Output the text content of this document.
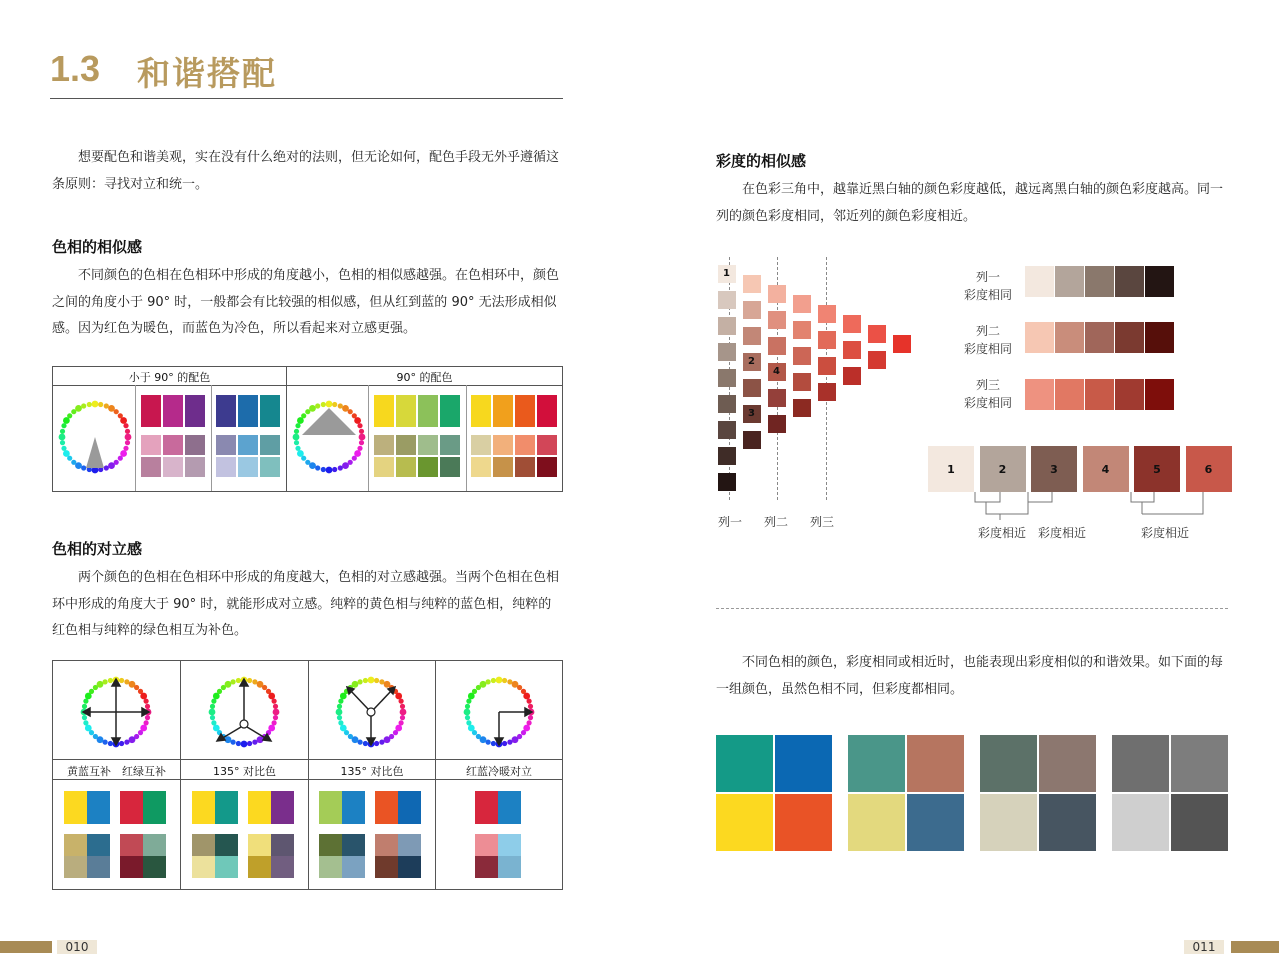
1.3 和谐搭配
想要配色和谐美观，实在没有什么绝对的法则，但无论如何，配色手段无外乎遵循这条原则：寻找对立和统一。
色相的相似感
不同颜色的色相在色相环中形成的角度越小，色相的相似感越强。在色相环中，颜色之间的角度小于 90° 时，一般都会有比较强的相似感，但从红到蓝的 90° 无法形成相似感。因为红色为暖色，而蓝色为冷色，所以看起来对立感更强。
小于 90° 的配色	90° 的配色
色相的对立感
两个颜色的色相在色相环中形成的角度越大，色相的对立感越强。当两个色相在色相环中形成的角度大于 90° 时，就能形成对立感。纯粹的黄色相与纯粹的蓝色相，纯粹的红色相与纯粹的绿色相互为补色。
黄蓝互补　红绿互补	135° 对比色	135° 对比色	红蓝冷暖对立
010
彩度的相似感
在色彩三角中，越靠近黑白轴的颜色彩度越低，越远离黑白轴的颜色彩度越高。同一列的颜色彩度相同，邻近列的颜色彩度相近。
列一	列二	列三
1
2
3
4
列一
彩度相同
列二
彩度相同
列三
彩度相同
彩度相近 彩度相近	彩度相近
1	2	3	4	5	6
不同色相的颜色，彩度相同或相近时，也能表现出彩度相似的和谐效果。如下面的每一组颜色，虽然色相不同，但彩度都相同。
011
